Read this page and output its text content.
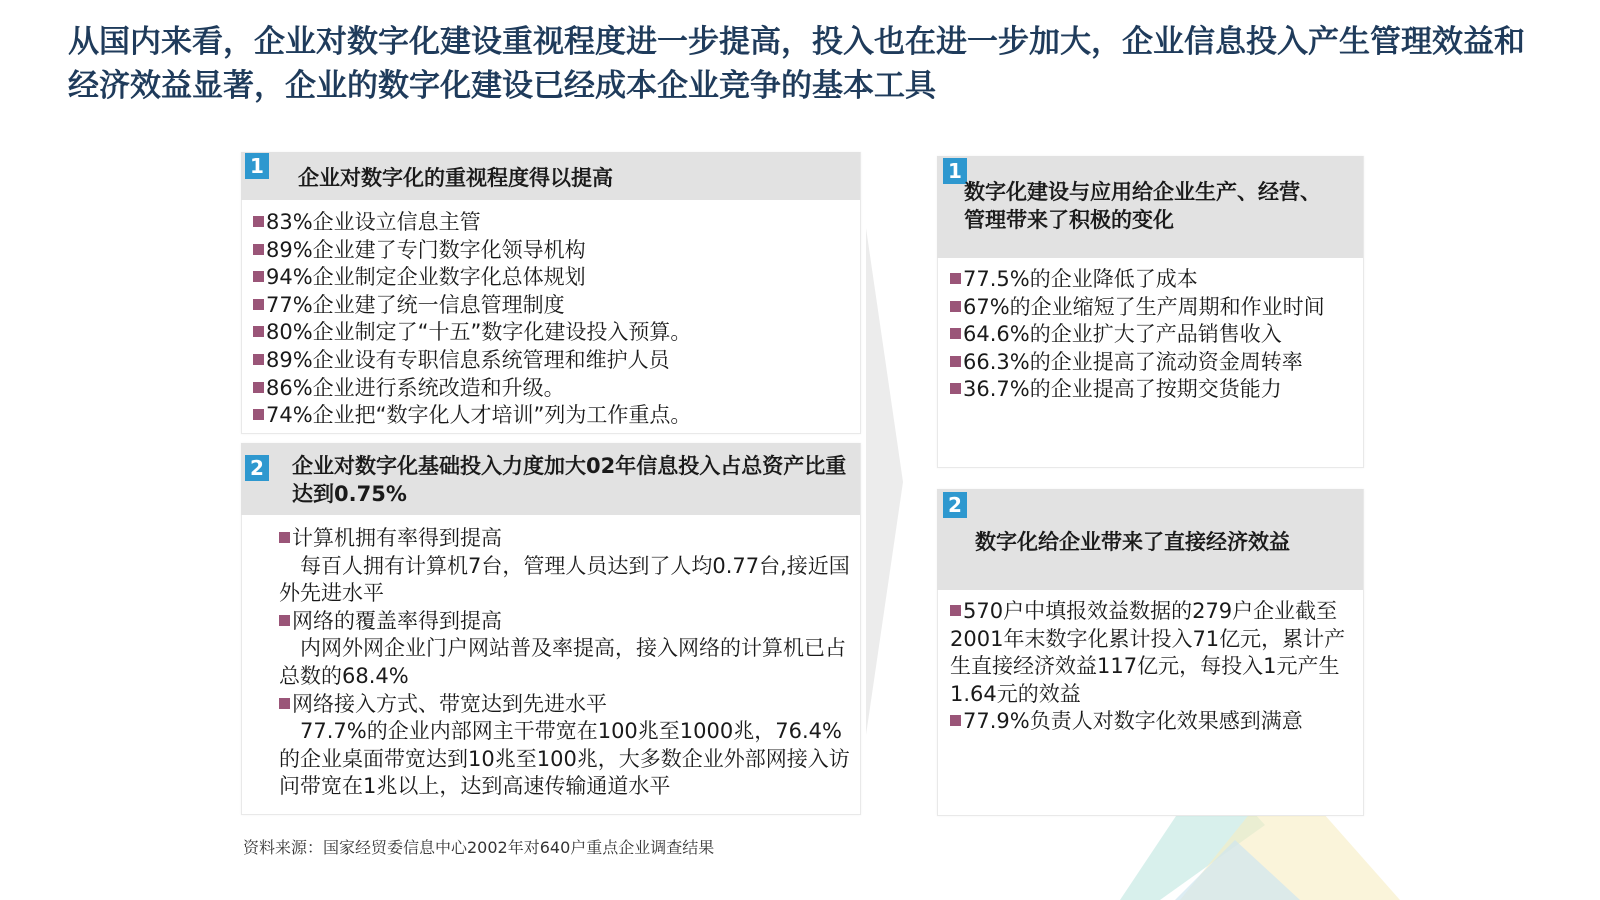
从国内来看，企业对数字化建设重视程度进一步提高，投入也在进一步加大，企业信息投入产生管理效益和经济效益显著，企业的数字化建设已经成本企业竞争的基本工具
1 企业对数字化的重视程度得以提高
83%企业设立信息主管
89%企业建了专门数字化领导机构
94%企业制定企业数字化总体规划
77%企业建了统一信息管理制度
80%企业制定了“十五”数字化建设投入预算。
89%企业设有专职信息系统管理和维护人员
86%企业进行系统改造和升级。
74%企业把“数字化人才培训”列为工作重点。
2 企业对数字化基础投入力度加大02年信息投入占总资产比重达到0.75%
计算机拥有率得到提高
每百人拥有计算机7台，管理人员达到了人均0.77台,接近国外先进水平
网络的覆盖率得到提高
内网外网企业门户网站普及率提高，接入网络的计算机已占总数的68.4%
网络接入方式、带宽达到先进水平
77.7%的企业内部网主干带宽在100兆至1000兆，76.4%的企业桌面带宽达到10兆至100兆，大多数企业外部网接入访问带宽在1兆以上，达到高速传输通道水平
1
数字化建设与应用给企业生产、经营、管理带来了积极的变化
77.5%的企业降低了成本
67%的企业缩短了生产周期和作业时间
64.6%的企业扩大了产品销售收入
66.3%的企业提高了流动资金周转率
36.7%的企业提高了按期交货能力
2
数字化给企业带来了直接经济效益
570户中填报效益数据的279户企业截至2001年末数字化累计投入71亿元，累计产生直接经济效益117亿元，每投入1元产生1.64元的效益
77.9%负责人对数字化效果感到满意
资料来源：国家经贸委信息中心2002年对640户重点企业调查结果
